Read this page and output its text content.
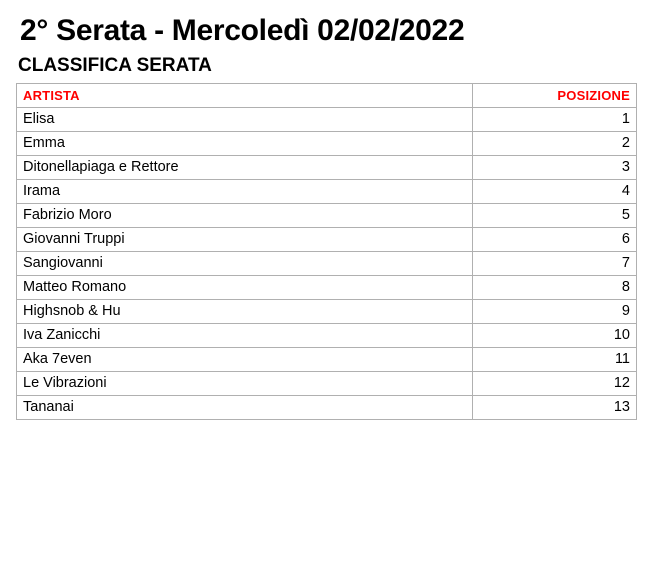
2° Serata - Mercoledì 02/02/2022
CLASSIFICA SERATA
ARTISTA	POSIZIONE
Elisa	1
Emma	2
Ditonellapiaga e Rettore	3
Irama	4
Fabrizio Moro	5
Giovanni Truppi	6
Sangiovanni	7
Matteo Romano	8
Highsnob & Hu	9
Iva Zanicchi	10
Aka 7even	11
Le Vibrazioni	12
Tananai	13
